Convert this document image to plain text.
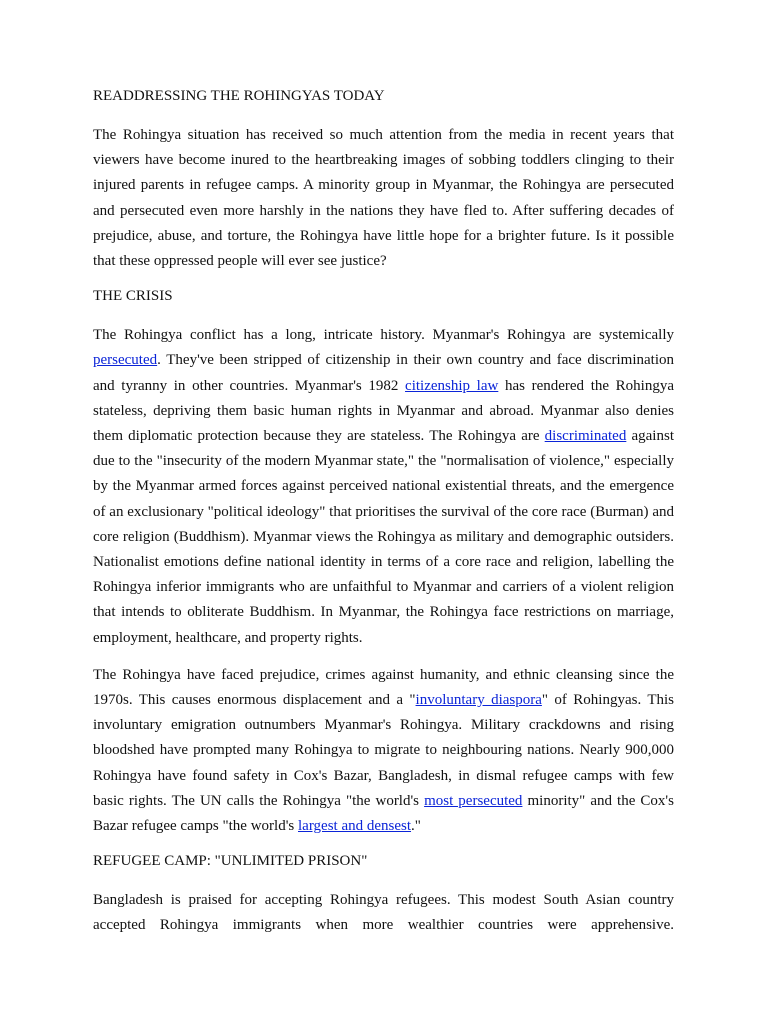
READDRESSING THE ROHINGYAS TODAY

The Rohingya situation has received so much attention from the media in recent years that viewers have become inured to the heartbreaking images of sobbing toddlers clinging to their injured parents in refugee camps. A minority group in Myanmar, the Rohingya are persecuted and persecuted even more harshly in the nations they have fled to. After suffering decades of prejudice, abuse, and torture, the Rohingya have little hope for a brighter future. Is it possible that these oppressed people will ever see justice?

THE CRISIS

The Rohingya conflict has a long, intricate history. Myanmar's Rohingya are systemically persecuted. They've been stripped of citizenship in their own country and face discrimination and tyranny in other countries. Myanmar's 1982 citizenship law has rendered the Rohingya stateless, depriving them basic human rights in Myanmar and abroad. Myanmar also denies them diplomatic protection because they are stateless. The Rohingya are discriminated against due to the "insecurity of the modern Myanmar state," the "normalisation of violence," especially by the Myanmar armed forces against perceived national existential threats, and the emergence of an exclusionary "political ideology" that prioritises the survival of the core race (Burman) and core religion (Buddhism). Myanmar views the Rohingya as military and demographic outsiders. Nationalist emotions define national identity in terms of a core race and religion, labelling the Rohingya inferior immigrants who are unfaithful to Myanmar and carriers of a violent religion that intends to obliterate Buddhism. In Myanmar, the Rohingya face restrictions on marriage, employment, healthcare, and property rights.

The Rohingya have faced prejudice, crimes against humanity, and ethnic cleansing since the 1970s. This causes enormous displacement and a "involuntary diaspora" of Rohingyas. This involuntary emigration outnumbers Myanmar's Rohingya. Military crackdowns and rising bloodshed have prompted many Rohingya to migrate to neighbouring nations. Nearly 900,000 Rohingya have found safety in Cox's Bazar, Bangladesh, in dismal refugee camps with few basic rights. The UN calls the Rohingya "the world's most persecuted minority" and the Cox's Bazar refugee camps "the world's largest and densest."

REFUGEE CAMP: "UNLIMITED PRISON"

Bangladesh is praised for accepting Rohingya refugees. This modest South Asian country accepted Rohingya immigrants when more wealthier countries were apprehensive.
